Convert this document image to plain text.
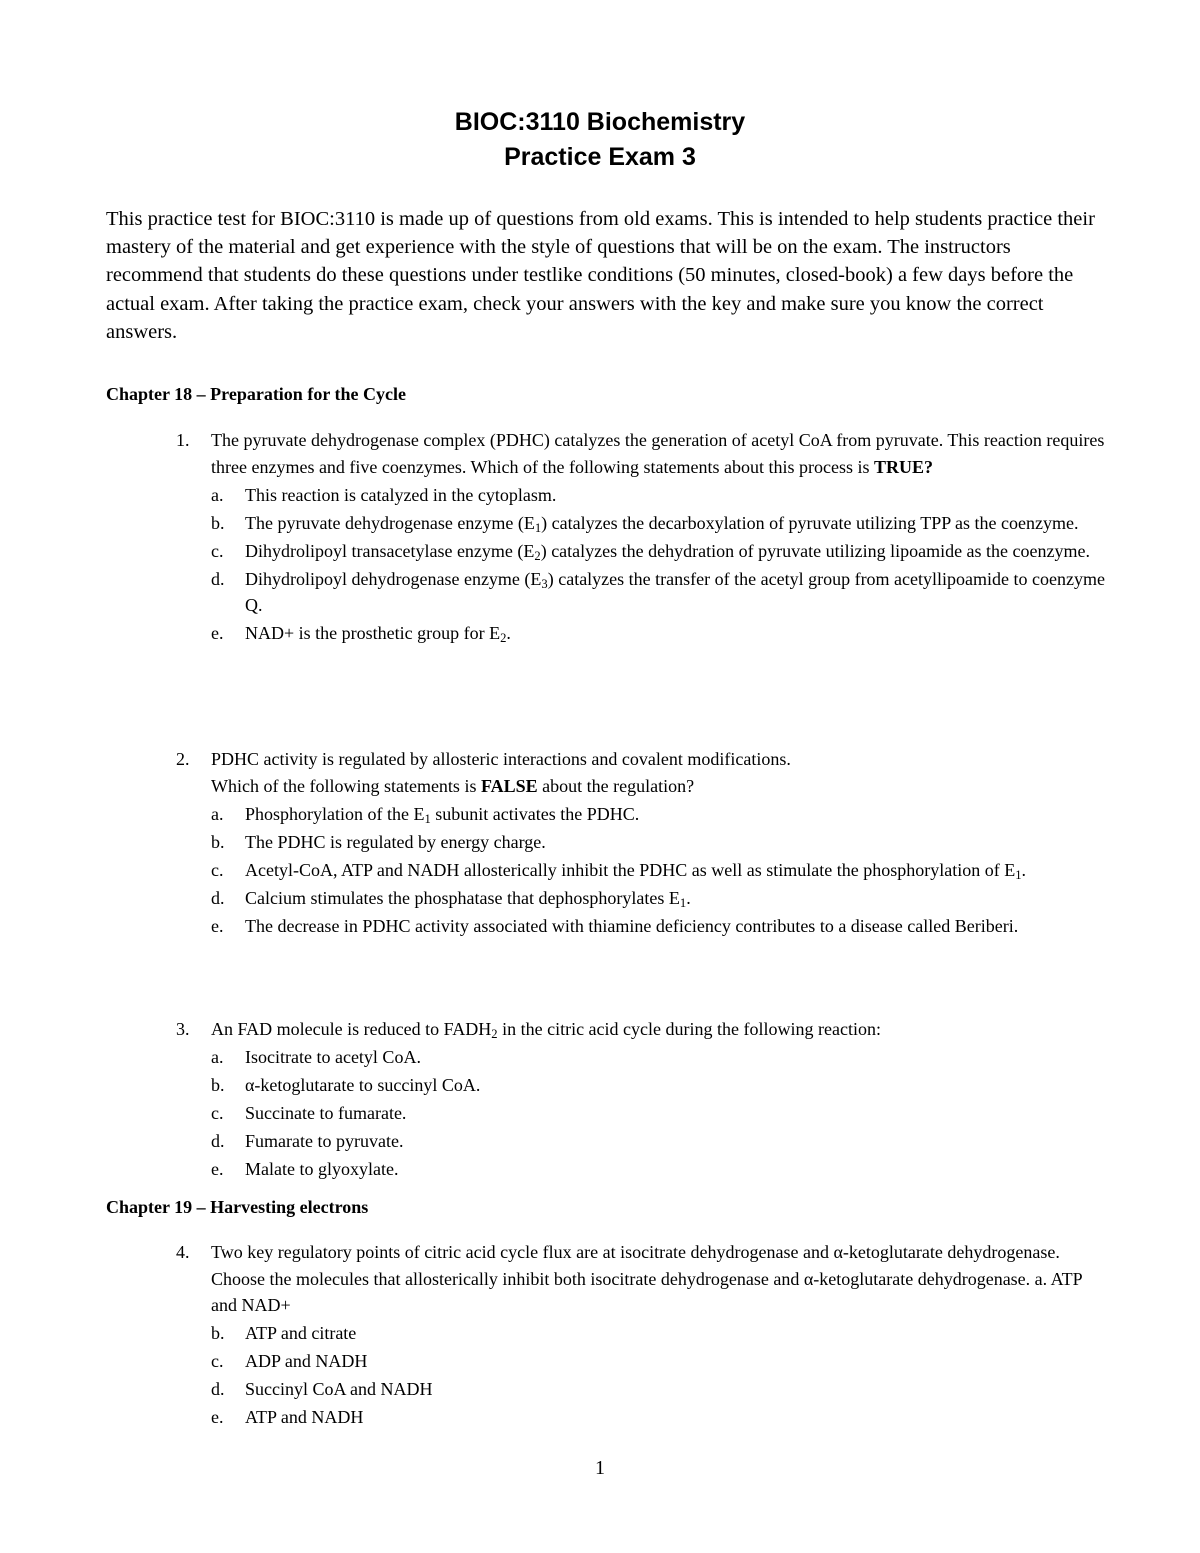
BIOC:3110 Biochemistry
Practice Exam 3

This practice test for BIOC:3110 is made up of questions from old exams. This is intended to help students practice their mastery of the material and get experience with the style of questions that will be on the exam. The instructors recommend that students do these questions under testlike conditions (50 minutes, closed-book) a few days before the actual exam. After taking the practice exam, check your answers with the key and make sure you know the correct answers.

Chapter 18 – Preparation for the Cycle
1.	The pyruvate dehydrogenase complex (PDHC) catalyzes the generation of acetyl CoA from pyruvate. This reaction requires three enzymes and five coenzymes. Which of the following statements about this process is TRUE?
a.	This reaction is catalyzed in the cytoplasm.
b.	The pyruvate dehydrogenase enzyme $(E_1)$ catalyzes the decarboxylation of pyruvate utilizing TPP as the coenzyme.
c.	Dihydrolipoyl transacetylase enzyme $(E_2)$ catalyzes the dehydration of pyruvate utilizing lipoamide as the coenzyme.
d.	Dihydrolipoyl dehydrogenase enzyme $(E_3)$ catalyzes the transfer of the acetyl group from acetyllipoamide to coenzyme Q.
e.	NAD+ is the prosthetic group for $E_2$.
2.	PDHC activity is regulated by allosteric interactions and covalent modifications.
Which of the following statements is FALSE about the regulation?
a.	Phosphorylation of the $E_1$ subunit activates the PDHC.
b.	The PDHC is regulated by energy charge.
c.	Acetyl-CoA, ATP and NADH allosterically inhibit the PDHC as well as stimulate the phosphorylation of $E_1$.
d.	Calcium stimulates the phosphatase that dephosphorylates $E_1$.
e.	The decrease in PDHC activity associated with thiamine deficiency contributes to a disease called Beriberi.
3.	An FAD molecule is reduced to $FADH_2$ in the citric acid cycle during the following reaction:
a.	Isocitrate to acetyl CoA.
b.	α-ketoglutarate to succinyl CoA.
c.	Succinate to fumarate.
d.	Fumarate to pyruvate.
e.	Malate to glyoxylate.
Chapter 19 – Harvesting electrons
4.	Two key regulatory points of citric acid cycle flux are at isocitrate dehydrogenase and α-ketoglutarate dehydrogenase. Choose the molecules that allosterically inhibit both isocitrate dehydrogenase and α-ketoglutarate dehydrogenase. a. ATP and NAD+
b.	ATP and citrate
c.	ADP and NADH
d.	Succinyl CoA and NADH
e.	ATP and NADH
1
